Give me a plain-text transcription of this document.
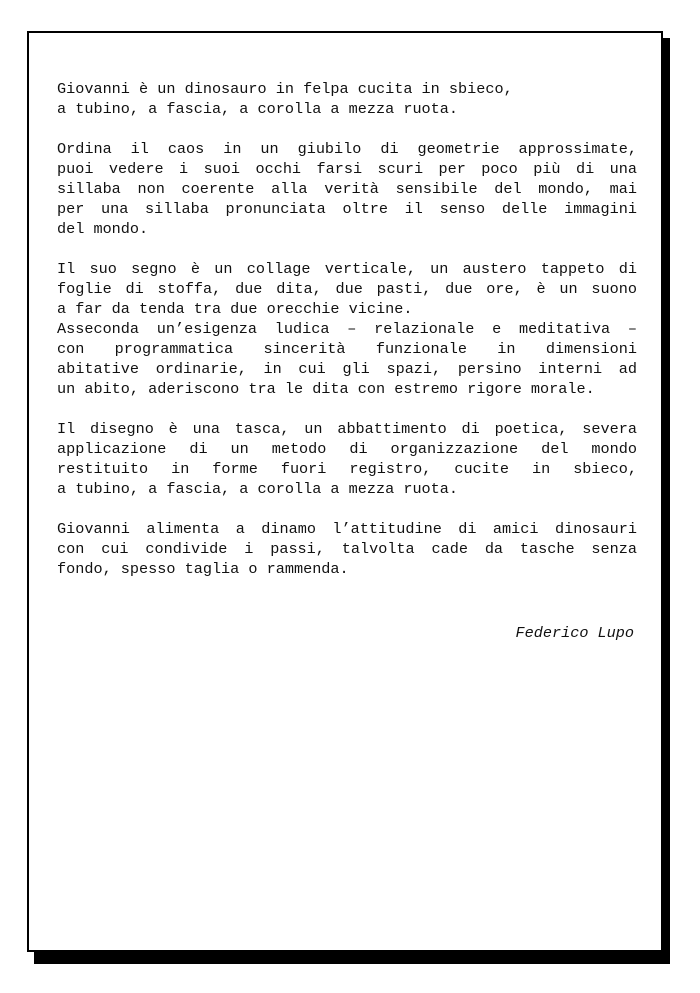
Giovanni è un dinosauro in felpa cucita in sbieco,
a tubino, a fascia, a corolla a mezza ruota.

Ordina il caos in un giubilo di geometrie approssimate,
puoi vedere i suoi occhi farsi scuri per poco più di una
sillaba non coerente alla verità sensibile del mondo, mai
per una sillaba pronunciata oltre il senso delle immagini
del mondo.

Il suo segno è un collage verticale, un austero tappeto di
foglie di stoffa, due dita, due pasti, due ore, è un suono
a far da tenda tra due orecchie vicine.

Asseconda un’esigenza ludica – relazionale e meditativa –
con programmatica sincerità funzionale in dimensioni
abitative ordinarie, in cui gli spazi, persino interni ad
un abito, aderiscono tra le dita con estremo rigore morale.

Il disegno è una tasca, un abbattimento di poetica, severa
applicazione di un metodo di organizzazione del mondo
restituito in forme fuori registro, cucite in sbieco,
a tubino, a fascia, a corolla a mezza ruota.

Giovanni alimenta a dinamo l’attitudine di amici dinosauri
con cui condivide i passi, talvolta cade da tasche senza
fondo, spesso taglia o rammenda.

Federico Lupo
